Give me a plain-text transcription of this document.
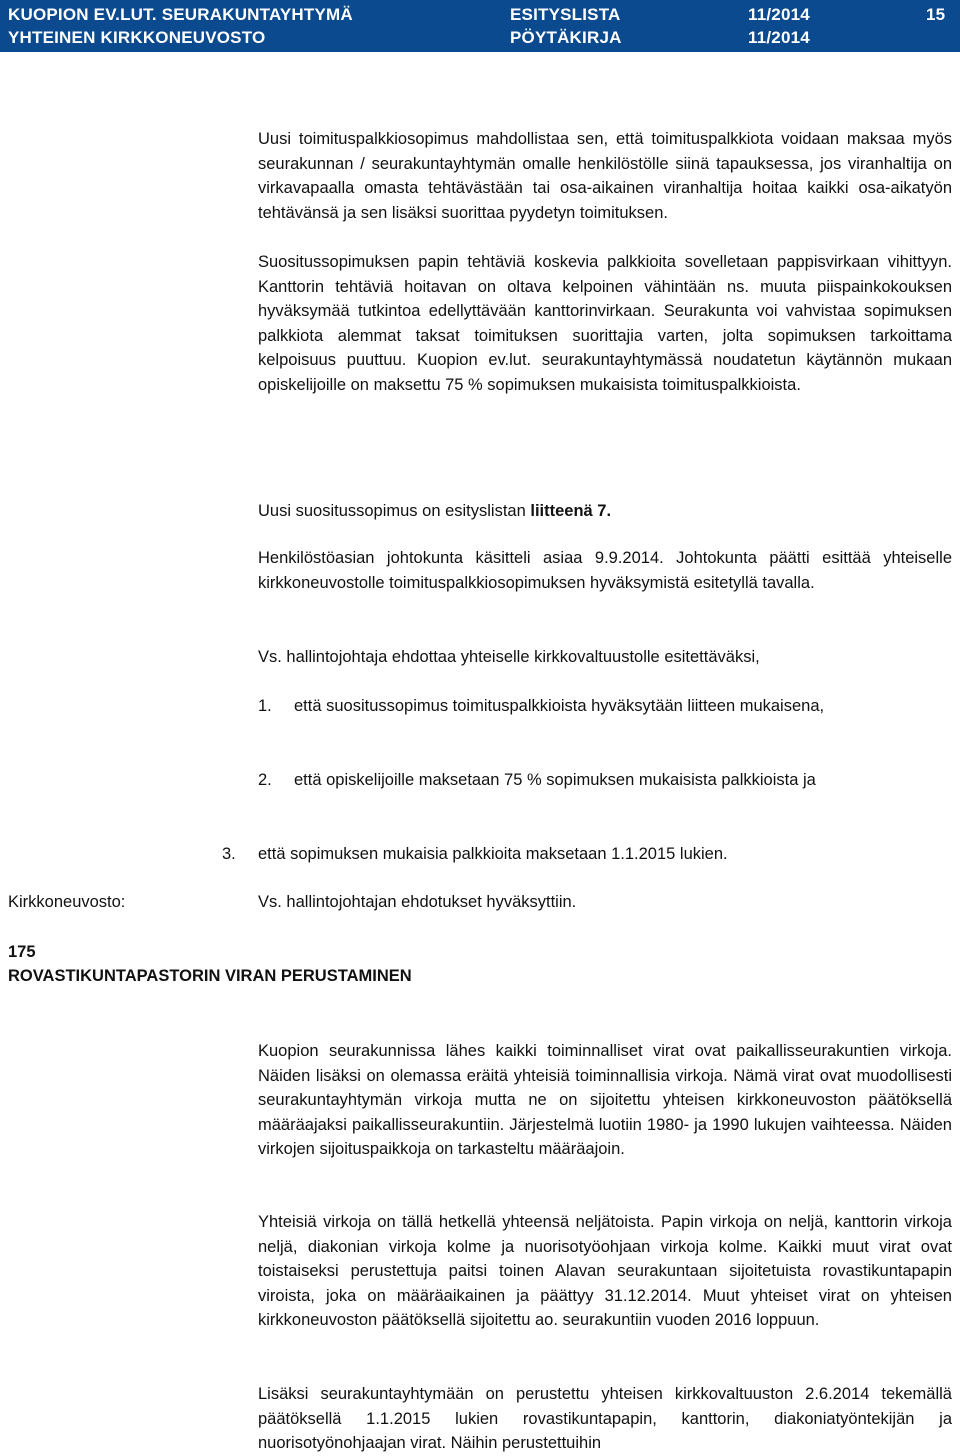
KUOPION EV.LUT. SEURAKUNTAYHTYMÄ	ESITYSLISTA	11/2014	15
YHTEINEN KIRKKONEUVOSTO	PÖYTÄKIRJA	11/2014

Uusi toimituspalkkiosopimus mahdollistaa sen, että toimituspalkkiota voidaan maksaa myös seurakunnan / seurakuntayhtymän omalle henkilöstölle siinä tapauksessa, jos viranhaltija on virkavapaalla omasta tehtävästään tai osa-aikainen viranhaltija hoitaa kaikki osa-aikatyön tehtävänsä ja sen lisäksi suorittaa pyydetyn toimituksen.

Suositussopimuksen papin tehtäviä koskevia palkkioita sovelletaan pappisvirkaan vihittyyn. Kanttorin tehtäviä hoitavan on oltava kelpoinen vähintään ns. muuta piispainkokouksen hyväksymää tutkintoa edellyttävään kanttorinvirkaan. Seurakunta voi vahvistaa sopimuksen palkkiota alemmat taksat toimituksen suorittajia varten, jolta sopimuksen tarkoittama kelpoisuus puuttuu. Kuopion ev.lut. seurakuntayhtymässä noudatetun käytännön mukaan opiskelijoille on maksettu 75 % sopimuksen mukaisista toimituspalkkioista.

Uusi suositussopimus on esityslistan liitteenä 7.

Henkilöstöasian johtokunta käsitteli asiaa 9.9.2014. Johtokunta päätti esittää yhteiselle kirkkoneuvostolle toimituspalkkiosopimuksen hyväksymistä esitetyllä tavalla.

Vs. hallintojohtaja ehdottaa yhteiselle kirkkovaltuustolle esitettäväksi,

1. että suositussopimus toimituspalkkioista hyväksytään liitteen mukaisena,
2. että opiskelijoille maksetaan 75 % sopimuksen mukaisista palkkioista ja
3. että sopimuksen mukaisia palkkioita maksetaan 1.1.2015 lukien.
Kirkkoneuvosto:	Vs. hallintojohtajan ehdotukset hyväksyttiin.

175
ROVASTIKUNTAPASTORIN VIRAN PERUSTAMINEN

Kuopion seurakunnissa lähes kaikki toiminnalliset virat ovat paikallisseurakuntien virkoja. Näiden lisäksi on olemassa eräitä yhteisiä toiminnallisia virkoja. Nämä virat ovat muodollisesti seurakuntayhtymän virkoja mutta ne on sijoitettu yhteisen kirkkoneuvoston päätöksellä määräajaksi paikallisseurakuntiin. Järjestelmä luotiin 1980- ja 1990 lukujen vaihteessa. Näiden virkojen sijoituspaikkoja on tarkasteltu määräajoin.

Yhteisiä virkoja on tällä hetkellä yhteensä neljätoista. Papin virkoja on neljä, kanttorin virkoja neljä, diakonian virkoja kolme ja nuorisotyöohjaan virkoja kolme. Kaikki muut virat ovat toistaiseksi perustettuja paitsi toinen Alavan seurakuntaan sijoitetuista rovastikuntapapin viroista, joka on määräaikainen ja päättyy 31.12.2014. Muut yhteiset virat on yhteisen kirkkoneuvoston päätöksellä sijoitettu ao. seurakuntiin vuoden 2016 loppuun.

Lisäksi seurakuntayhtymään on perustettu yhteisen kirkkovaltuuston 2.6.2014 tekemällä päätöksellä 1.1.2015 lukien rovastikuntapapin, kanttorin, diakoniatyöntekijän ja nuorisotyönohjaajan virat. Näihin perustettuihin
